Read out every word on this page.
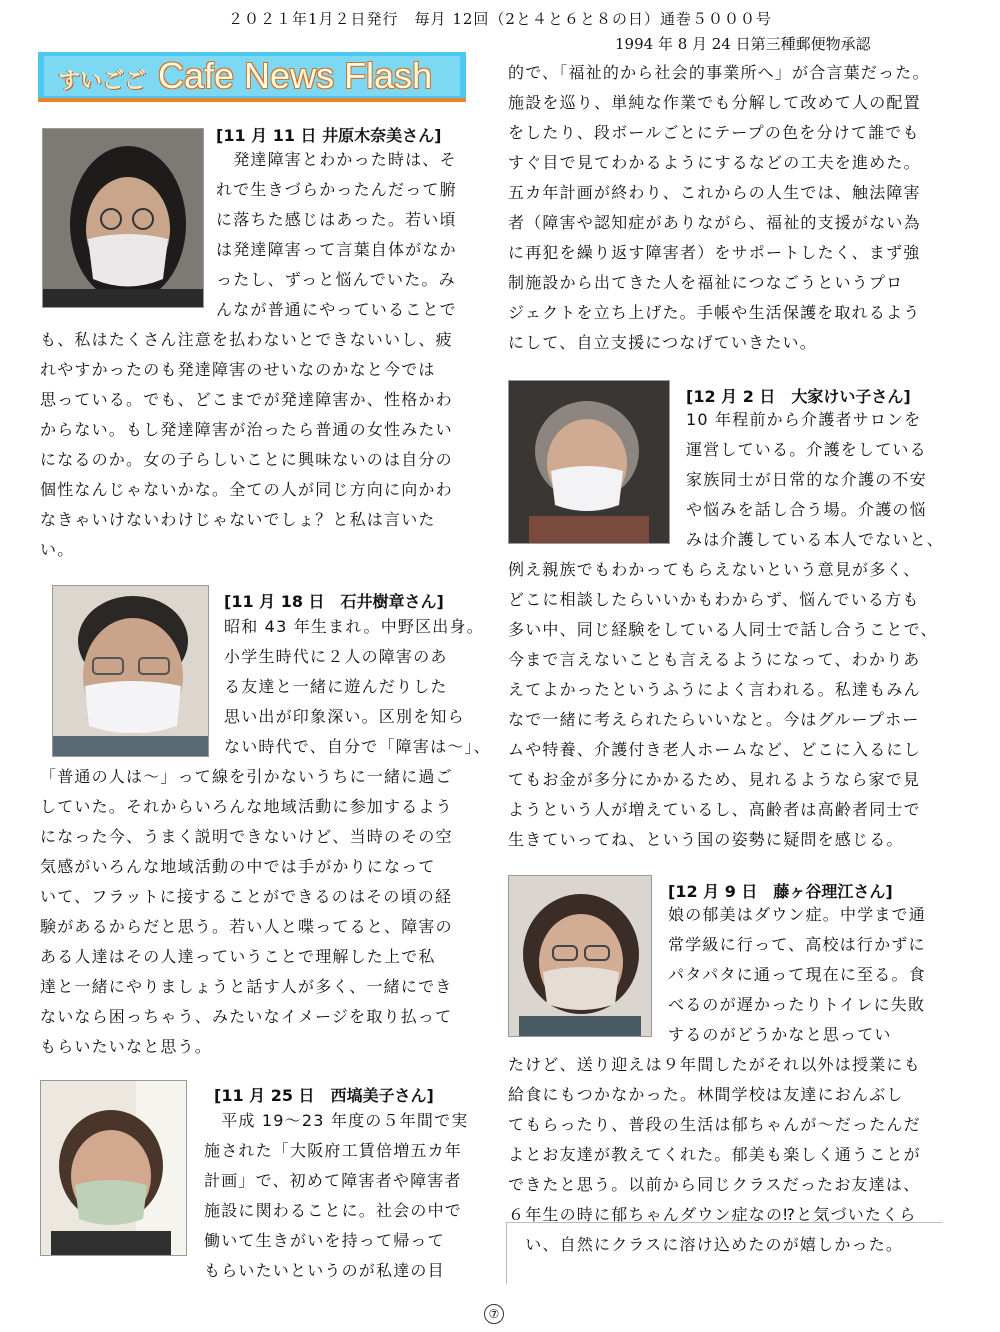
２０２１年1月２日発行　毎月 12回（2と４と６と８の日）通巻５０００号
1994 年 8 月 24 日第三種郵便物承認
すいごご Cafe News Flash
[11 月 11 日 井原木奈美さん]
　発達障害とわかった時は、そ
れで生きづらかったんだって腑
に落ちた感じはあった。若い頃
は発達障害って言葉自体がなか
ったし、ずっと悩んでいた。み
んなが普通にやっていることで
も、私はたくさん注意を払わないとできないいし、疲
れやすかったのも発達障害のせいなのかなと今では
思っている。でも、どこまでが発達障害か、性格かわ
からない。もし発達障害が治ったら普通の女性みたい
になるのか。女の子らしいことに興味ないのは自分の
個性なんじゃないかな。全ての人が同じ方向に向かわ
なきゃいけないわけじゃないでしょ？と私は言いた
い。
[11 月 18 日　石井樹章さん]
昭和 43 年生まれ。中野区出身。
小学生時代に２人の障害のあ
る友達と一緒に遊んだりした
思い出が印象深い。区別を知ら
ない時代で、自分で「障害は～」、
「普通の人は～」って線を引かないうちに一緒に過ご
していた。それからいろんな地域活動に参加するよう
になった今、うまく説明できないけど、当時のその空
気感がいろんな地域活動の中では手がかりになって
いて、フラットに接することができるのはその頃の経
験があるからだと思う。若い人と喋ってると、障害の
ある人達はその人達っていうことで理解した上で私
達と一緒にやりましょうと話す人が多く、一緒にでき
ないなら困っちゃう、みたいなイメージを取り払って
もらいたいなと思う。
[11 月 25 日　西塙美子さん]
　平成 19～23 年度の５年間で実
施された「大阪府工賃倍増五カ年
計画」で、初めて障害者や障害者
施設に関わることに。社会の中で
働いて生きがいを持って帰って
もらいたいというのが私達の目
的で、「福祉的から社会的事業所へ」が合言葉だった。
施設を巡り、単純な作業でも分解して改めて人の配置
をしたり、段ボールごとにテープの色を分けて誰でも
すぐ目で見てわかるようにするなどの工夫を進めた。
五カ年計画が終わり、これからの人生では、触法障害
者（障害や認知症がありながら、福祉的支援がない為
に再犯を繰り返す障害者）をサポートしたく、まず強
制施設から出てきた人を福祉につなごうというプロ
ジェクトを立ち上げた。手帳や生活保護を取れるよう
にして、自立支援につなげていきたい。
[12 月 2 日　大家けい子さん]
10 年程前から介護者サロンを
運営している。介護をしている
家族同士が日常的な介護の不安
や悩みを話し合う場。介護の悩
みは介護している本人でないと、
例え親族でもわかってもらえないという意見が多く、
どこに相談したらいいかもわからず、悩んでいる方も
多い中、同じ経験をしている人同士で話し合うことで、
今まで言えないことも言えるようになって、わかりあ
えてよかったというふうによく言われる。私達もみん
なで一緒に考えられたらいいなと。今はグループホー
ムや特養、介護付き老人ホームなど、どこに入るにし
てもお金が多分にかかるため、見れるようなら家で見
ようという人が増えているし、高齢者は高齢者同士で
生きていってね、という国の姿勢に疑問を感じる。
[12 月 9 日　藤ヶ谷理江さん]
娘の郁美はダウン症。中学まで通
常学級に行って、高校は行かずに
パタパタに通って現在に至る。食
べるのが遅かったりトイレに失敗
するのがどうかなと思ってい
たけど、送り迎えは９年間したがそれ以外は授業にも
給食にもつかなかった。林間学校は友達におんぶし
てもらったり、普段の生活は郁ちゃんが～だったんだ
よとお友達が教えてくれた。郁美も楽しく通うことが
できたと思う。以前から同じクラスだったお友達は、
６年生の時に郁ちゃんダウン症なの⁉と気づいたくら
　い、自然にクラスに溶け込めたのが嬉しかった。
⑦
